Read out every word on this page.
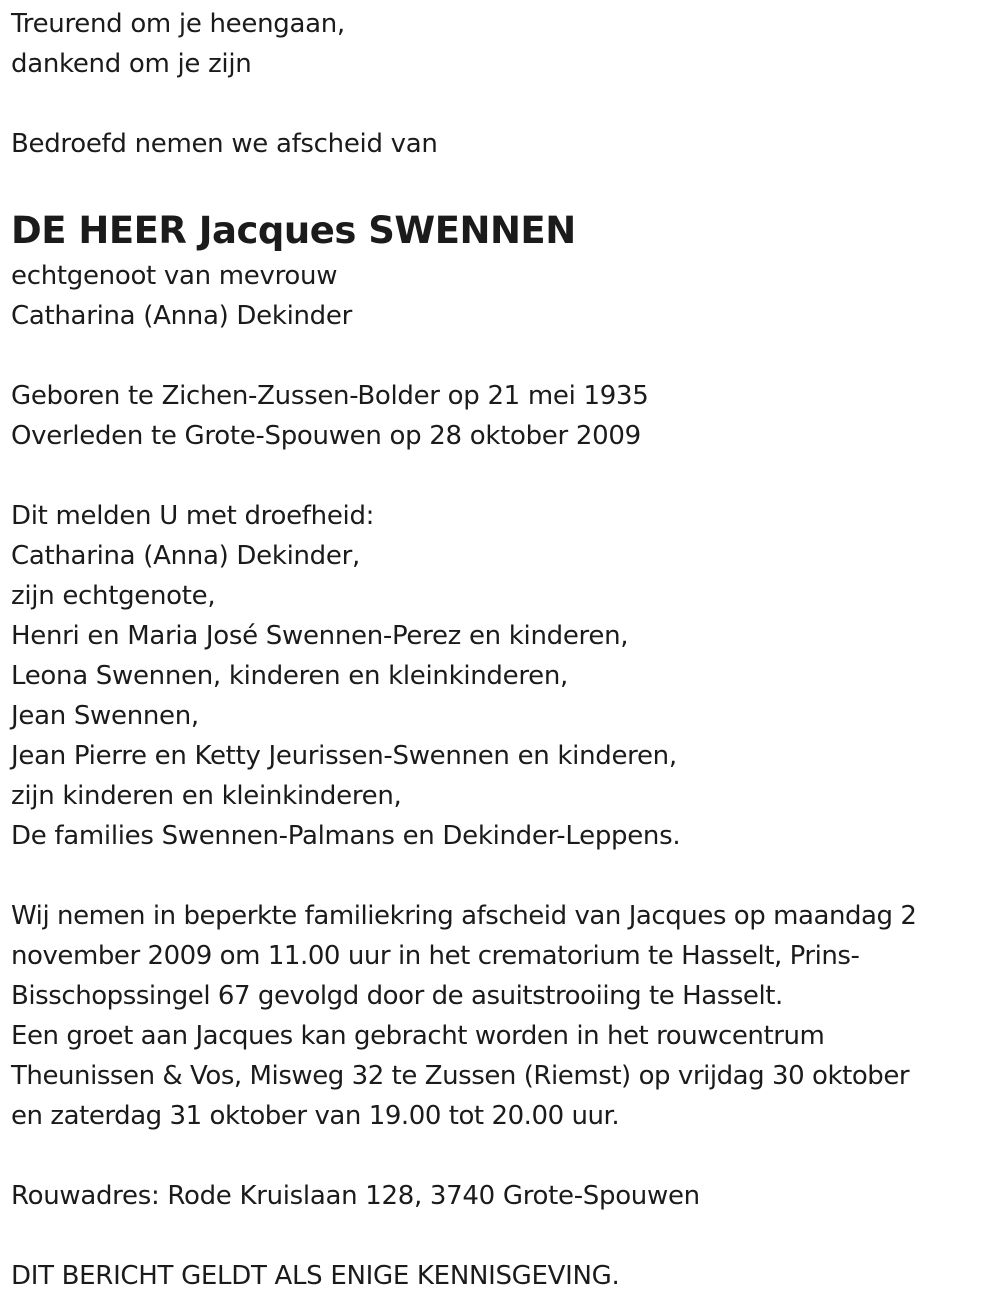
Treurend om je heengaan,
dankend om je zijn
Bedroefd nemen we afscheid van
DE HEER Jacques SWENNEN
echtgenoot van mevrouw
Catharina (Anna) Dekinder
Geboren te Zichen-Zussen-Bolder op 21 mei 1935
Overleden te Grote-Spouwen op 28 oktober 2009
Dit melden U met droefheid:
Catharina (Anna) Dekinder,
zijn echtgenote,
Henri en Maria José Swennen-Perez en kinderen,
Leona Swennen, kinderen en kleinkinderen,
Jean Swennen,
Jean Pierre en Ketty Jeurissen-Swennen en kinderen,
zijn kinderen en kleinkinderen,
De families Swennen-Palmans en Dekinder-Leppens.
Wij nemen in beperkte familiekring afscheid van Jacques op maandag 2
november 2009 om 11.00 uur in het crematorium te Hasselt, Prins-
Bisschopssingel 67 gevolgd door de asuitstrooiing te Hasselt.
Een groet aan Jacques kan gebracht worden in het rouwcentrum
Theunissen & Vos, Misweg 32 te Zussen (Riemst) op vrijdag 30 oktober
en zaterdag 31 oktober van 19.00 tot 20.00 uur.
Rouwadres: Rode Kruislaan 128, 3740 Grote-Spouwen
DIT BERICHT GELDT ALS ENIGE KENNISGEVING.
